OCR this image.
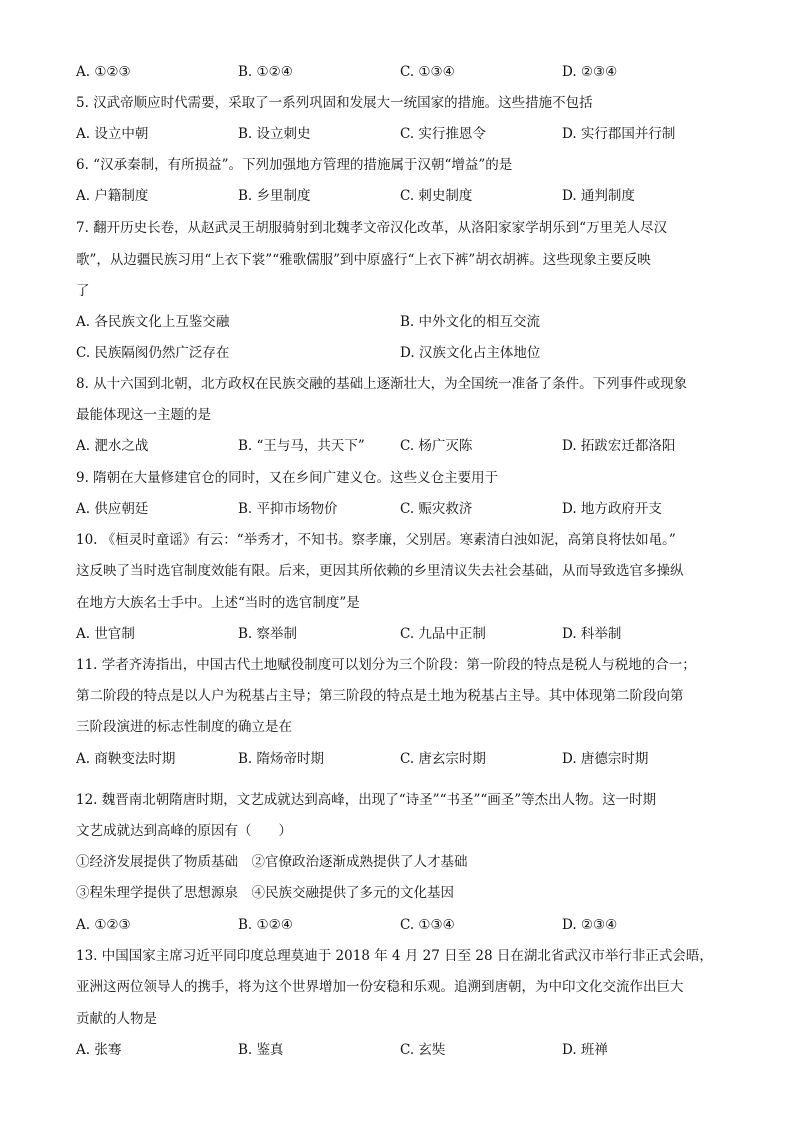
A. ①②③	B. ①②④	C. ①③④	D. ②③④
5. 汉武帝顺应时代需要，采取了一系列巩固和发展大一统国家的措施。这些措施不包括
A. 设立中朝	B. 设立刺史	C. 实行推恩令	D. 实行郡国并行制
6. “汉承秦制，有所损益”。下列加强地方管理的措施属于汉朝“增益”的是
A. 户籍制度	B. 乡里制度	C. 刺史制度	D. 通判制度
7. 翻开历史长卷，从赵武灵王胡服骑射到北魏孝文帝汉化改革，从洛阳家家学胡乐到“万里羌人尽汉
歌”，从边疆民族习用“上衣下裳”“雅歌儒服”到中原盛行“上衣下裤”胡衣胡裤。这些现象主要反映
了
A. 各民族文化上互鉴交融	B. 中外文化的相互交流
C. 民族隔阂仍然广泛存在	D. 汉族文化占主体地位
8. 从十六国到北朝，北方政权在民族交融的基础上逐渐壮大，为全国统一准备了条件。下列事件或现象
最能体现这一主题的是
A. 淝水之战	B. “王与马，共天下”	C. 杨广灭陈	D. 拓跋宏迁都洛阳
9. 隋朝在大量修建官仓的同时，又在乡间广建义仓。这些义仓主要用于
A. 供应朝廷	B. 平抑市场物价	C. 赈灾救济	D. 地方政府开支
10. 《桓灵时童谣》有云：“举秀才，不知书。察孝廉，父别居。寒素清白浊如泥，高第良将怯如黾。”
这反映了当时选官制度效能有限。后来，更因其所依赖的乡里清议失去社会基础，从而导致选官多操纵
在地方大族名士手中。上述“当时的选官制度”是
A. 世官制	B. 察举制	C. 九品中正制	D. 科举制
11. 学者齐涛指出，中国古代土地赋役制度可以划分为三个阶段：第一阶段的特点是税人与税地的合一；
第二阶段的特点是以人户为税基占主导；第三阶段的特点是土地为税基占主导。其中体现第二阶段向第
三阶段演进的标志性制度的确立是在
A. 商鞅变法时期	B. 隋炀帝时期	C. 唐玄宗时期	D. 唐德宗时期
12. 魏晋南北朝隋唐时期，文艺成就达到高峰，出现了“诗圣”“书圣”“画圣”等杰出人物。这一时期
文艺成就达到高峰的原因有（　　）
①经济发展提供了物质基础　②官僚政治逐渐成熟提供了人才基础
③程朱理学提供了思想源泉　④民族交融提供了多元的文化基因
A. ①②③	B. ①②④	C. ①③④	D. ②③④
13. 中国国家主席习近平同印度总理莫迪于 2018 年 4 月 27 日至 28 日在湖北省武汉市举行非正式会晤，
亚洲这两位领导人的携手，将为这个世界增加一份安稳和乐观。追溯到唐朝，为中印文化交流作出巨大
贡献的人物是
A. 张骞	B. 鉴真	C. 玄奘	D. 班禅
